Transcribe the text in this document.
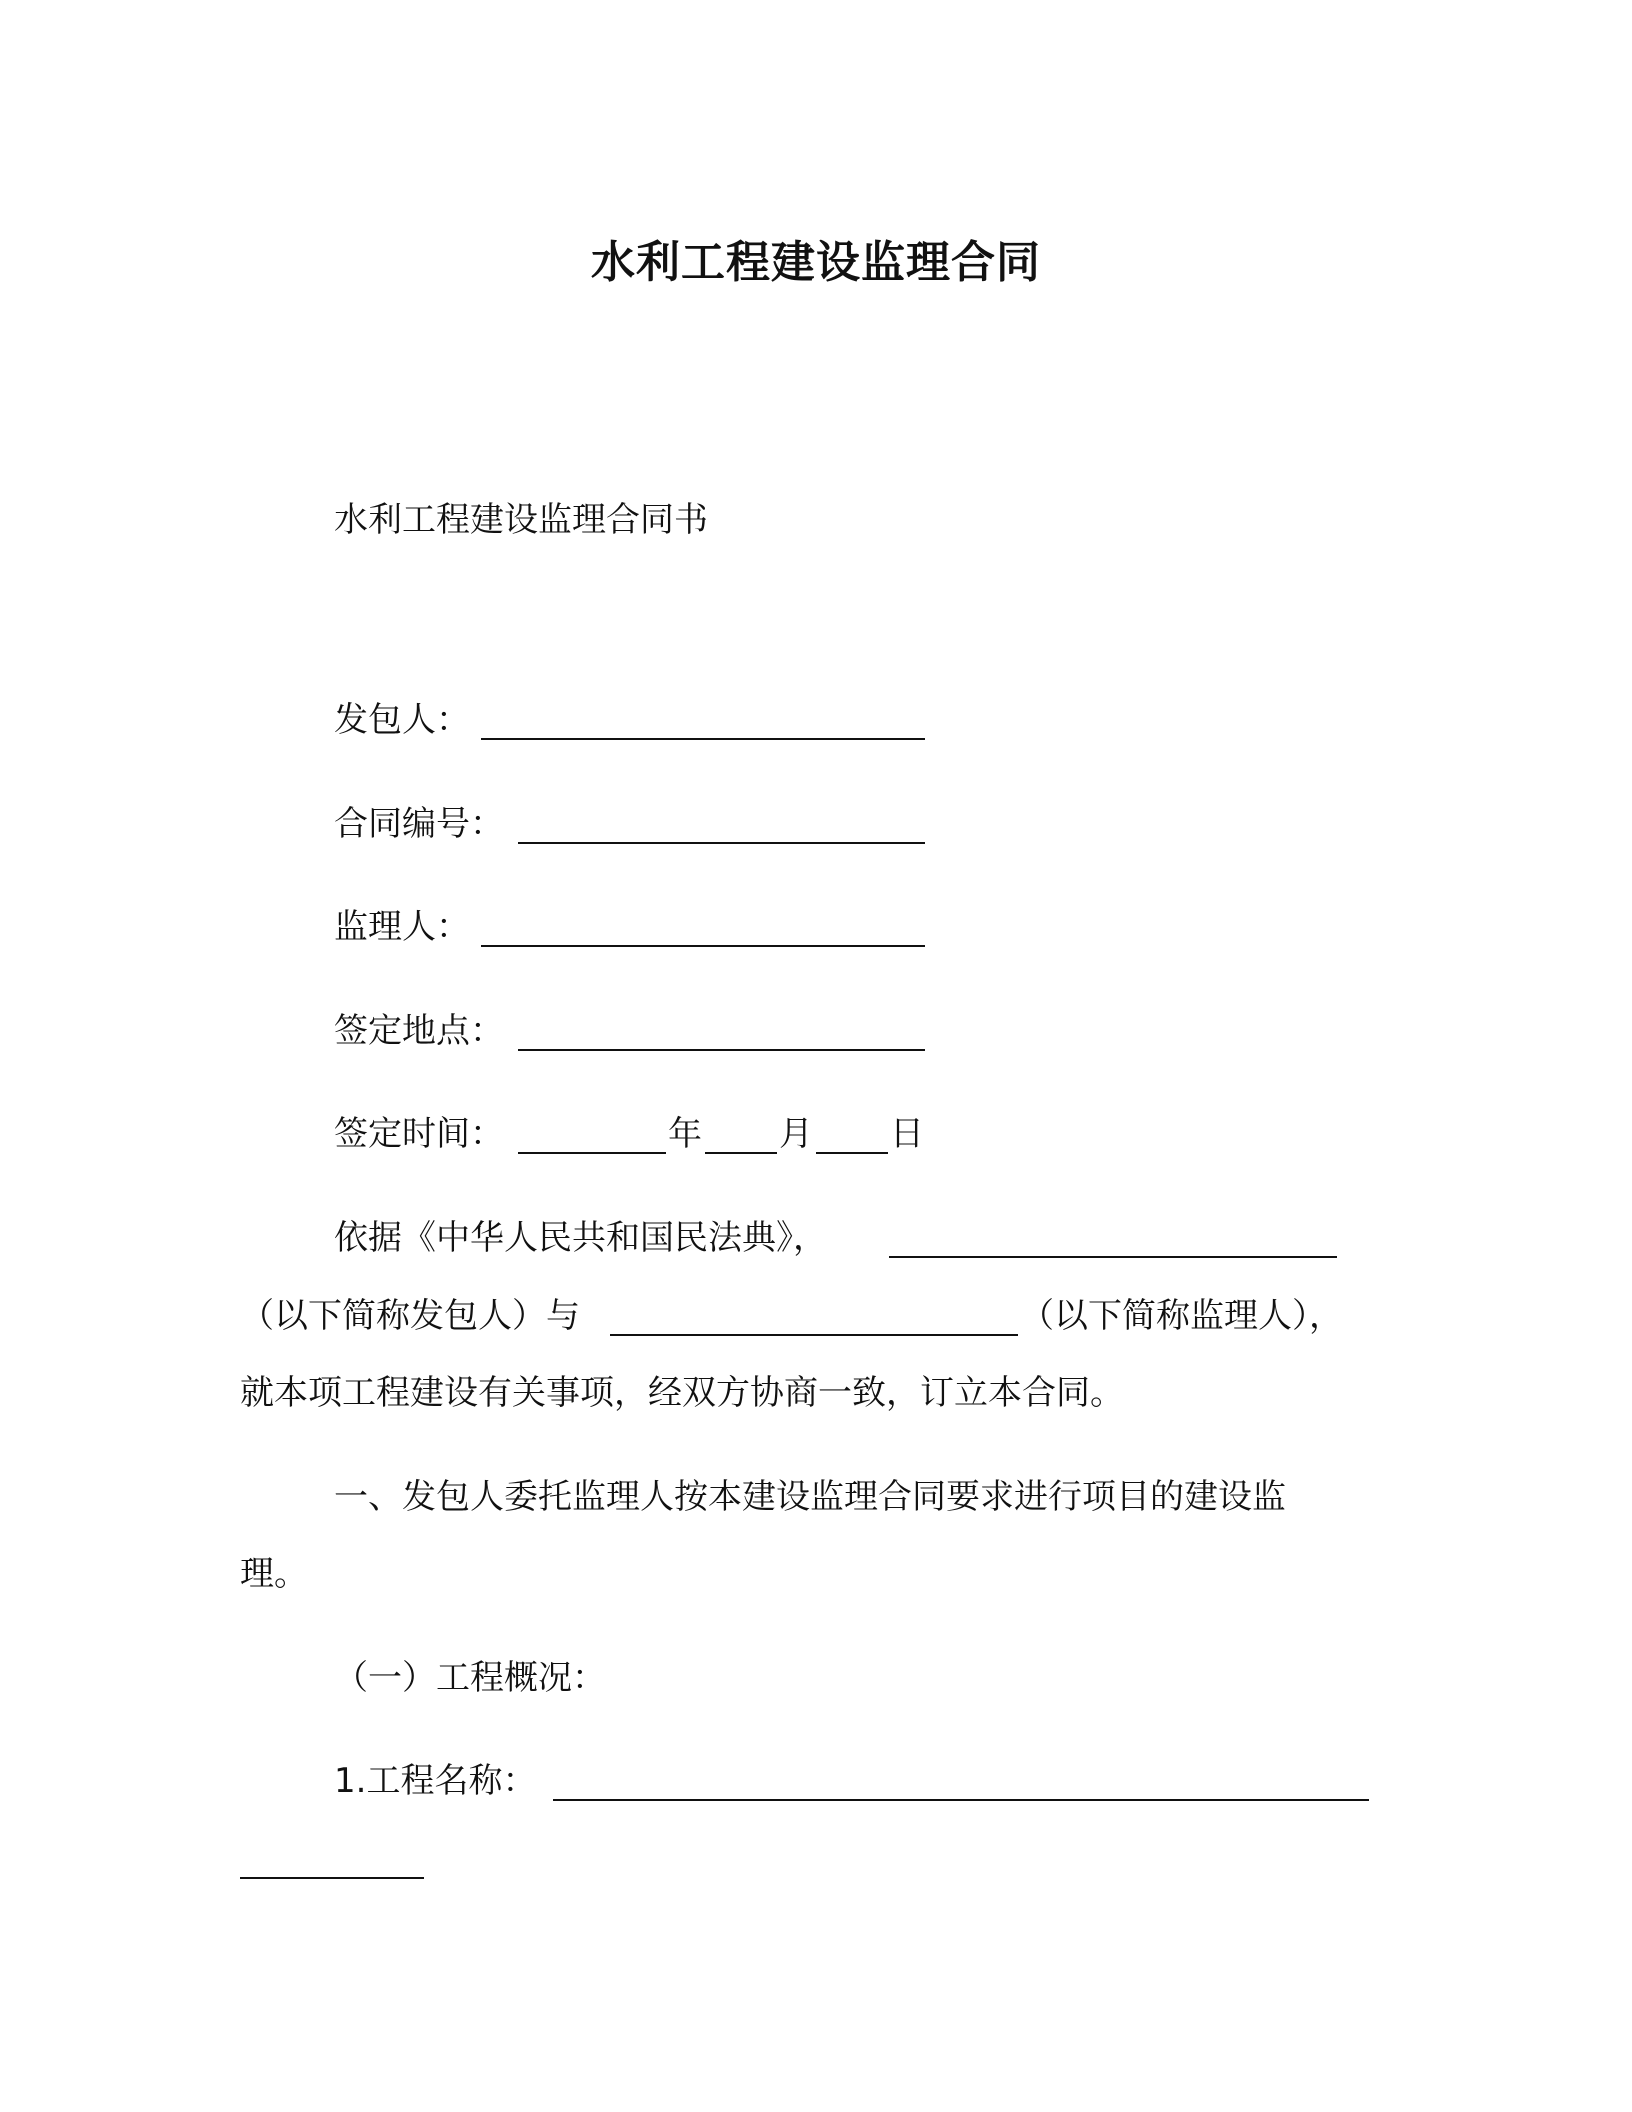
水利工程建设监理合同
水利工程建设监理合同书
发包人：
合同编号：
监理人：
签定地点：
签定时间：	年 月 日
依据《中华人民共和国民法典》，
（以下简称发包人）与	（以下简称监理人），
就本项工程建设有关事项，经双方协商一致，订立本合同。
一、发包人委托监理人按本建设监理合同要求进行项目的建设监
理。
（一）工程概况：
1.工程名称：
